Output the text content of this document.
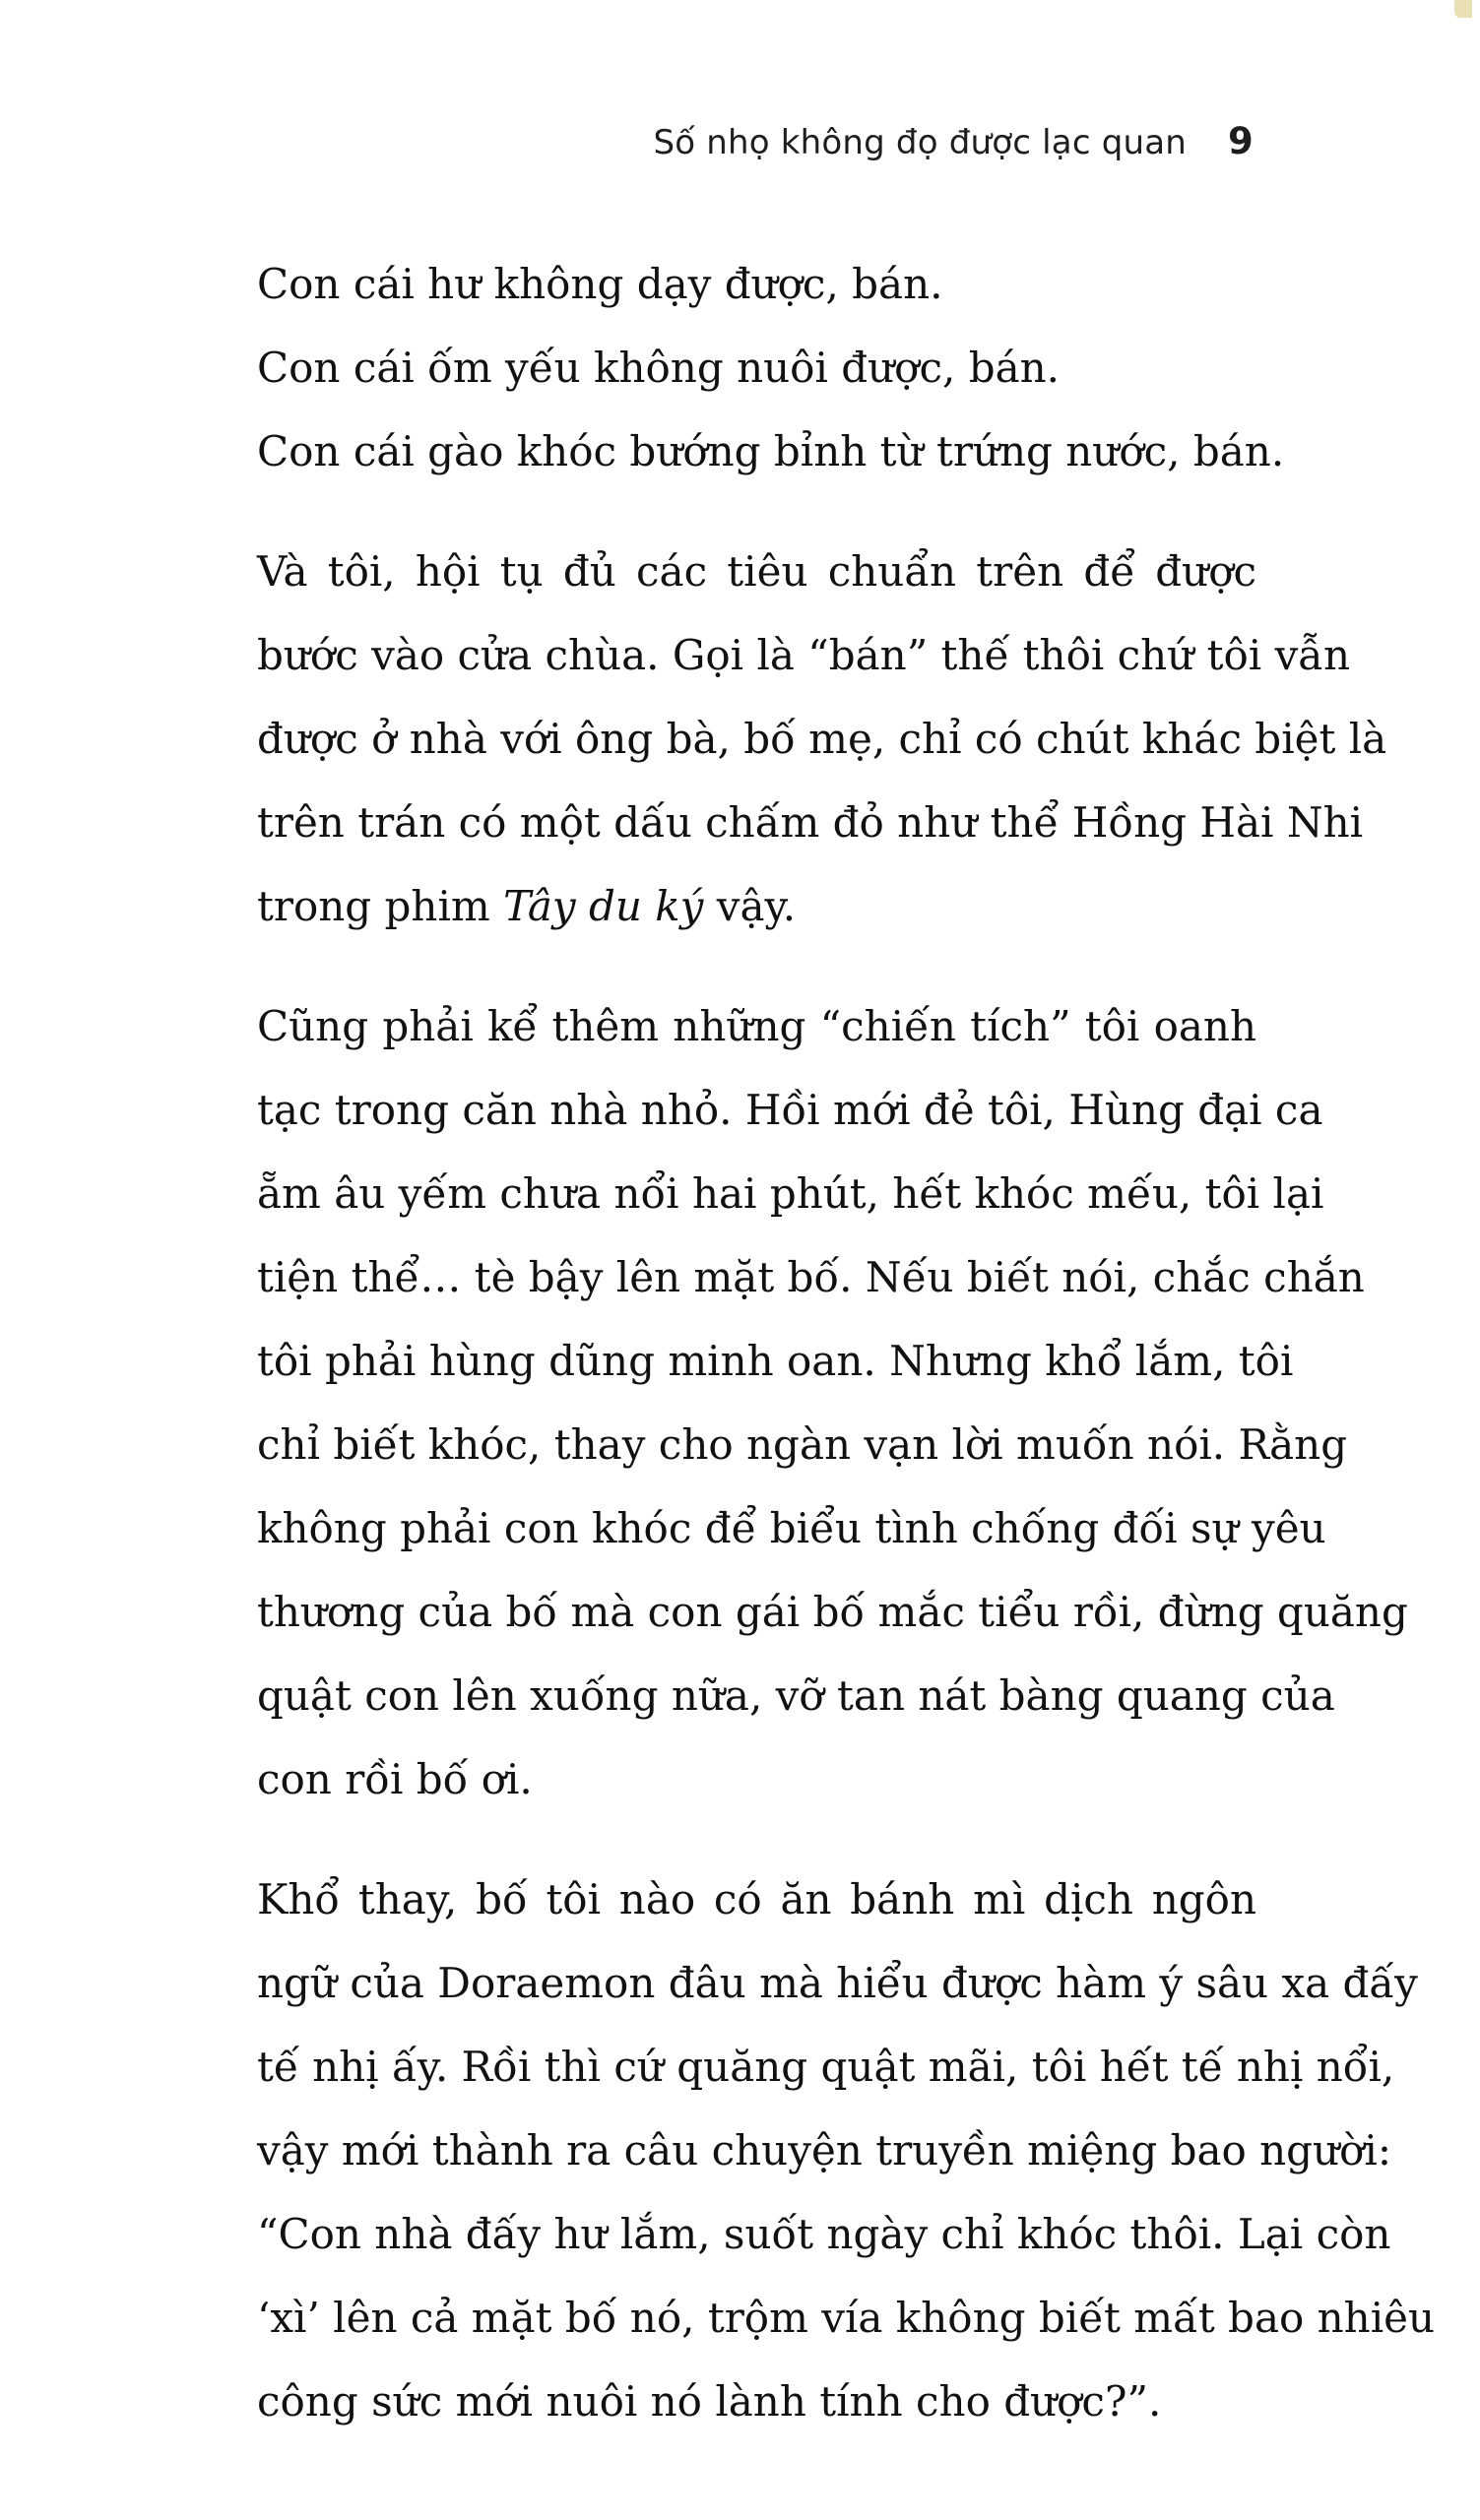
Số nhọ không đọ được lạc quan 9
Con cái hư không dạy được, bán.
Con cái ốm yếu không nuôi được, bán.
Con cái gào khóc bướng bỉnh từ trứng nước, bán.
Và tôi, hội tụ đủ các tiêu chuẩn trên để được
bước vào cửa chùa. Gọi là “bán” thế thôi chứ tôi vẫn
được ở nhà với ông bà, bố mẹ, chỉ có chút khác biệt là
trên trán có một dấu chấm đỏ như thể Hồng Hài Nhi
trong phim Tây du ký vậy.
Cũng phải kể thêm những “chiến tích” tôi oanh
tạc trong căn nhà nhỏ. Hồi mới đẻ tôi, Hùng đại ca
ẵm âu yếm chưa nổi hai phút, hết khóc mếu, tôi lại
tiện thể… tè bậy lên mặt bố. Nếu biết nói, chắc chắn
tôi phải hùng dũng minh oan. Nhưng khổ lắm, tôi
chỉ biết khóc, thay cho ngàn vạn lời muốn nói. Rằng
không phải con khóc để biểu tình chống đối sự yêu
thương của bố mà con gái bố mắc tiểu rồi, đừng quăng
quật con lên xuống nữa, vỡ tan nát bàng quang của
con rồi bố ơi.
Khổ thay, bố tôi nào có ăn bánh mì dịch ngôn
ngữ của Doraemon đâu mà hiểu được hàm ý sâu xa đấy
tế nhị ấy. Rồi thì cứ quăng quật mãi, tôi hết tế nhị nổi,
vậy mới thành ra câu chuyện truyền miệng bao người:
“Con nhà đấy hư lắm, suốt ngày chỉ khóc thôi. Lại còn
‘xì’ lên cả mặt bố nó, trộm vía không biết mất bao nhiêu
công sức mới nuôi nó lành tính cho được?”.
